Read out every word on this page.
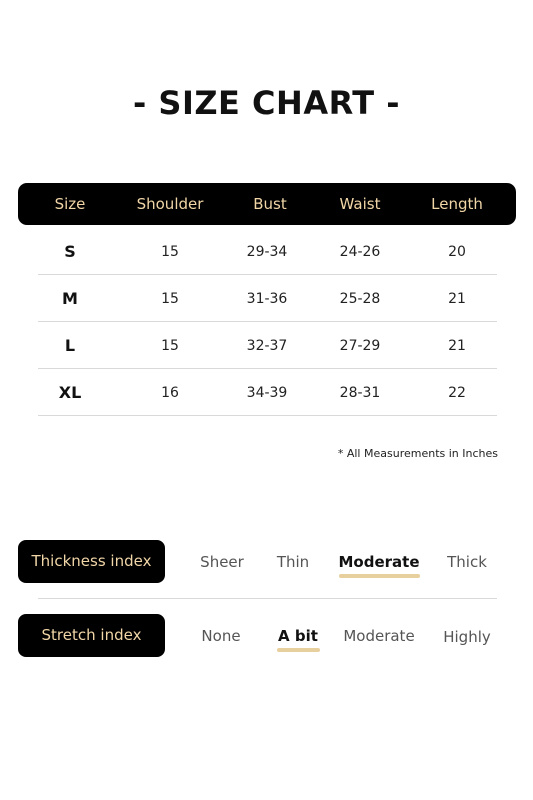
- SIZE CHART -
Size	Shoulder	Bust	Waist	Length
S	15	29-34	24-26	20
M	15	31-36	25-28	21
L	15	32-37	27-29	21
XL	16	34-39	28-31	22
* All Measurements in Inches
Thickness index	Sheer Thin Moderate Thick
Stretch index	None A bit Moderate Highly
